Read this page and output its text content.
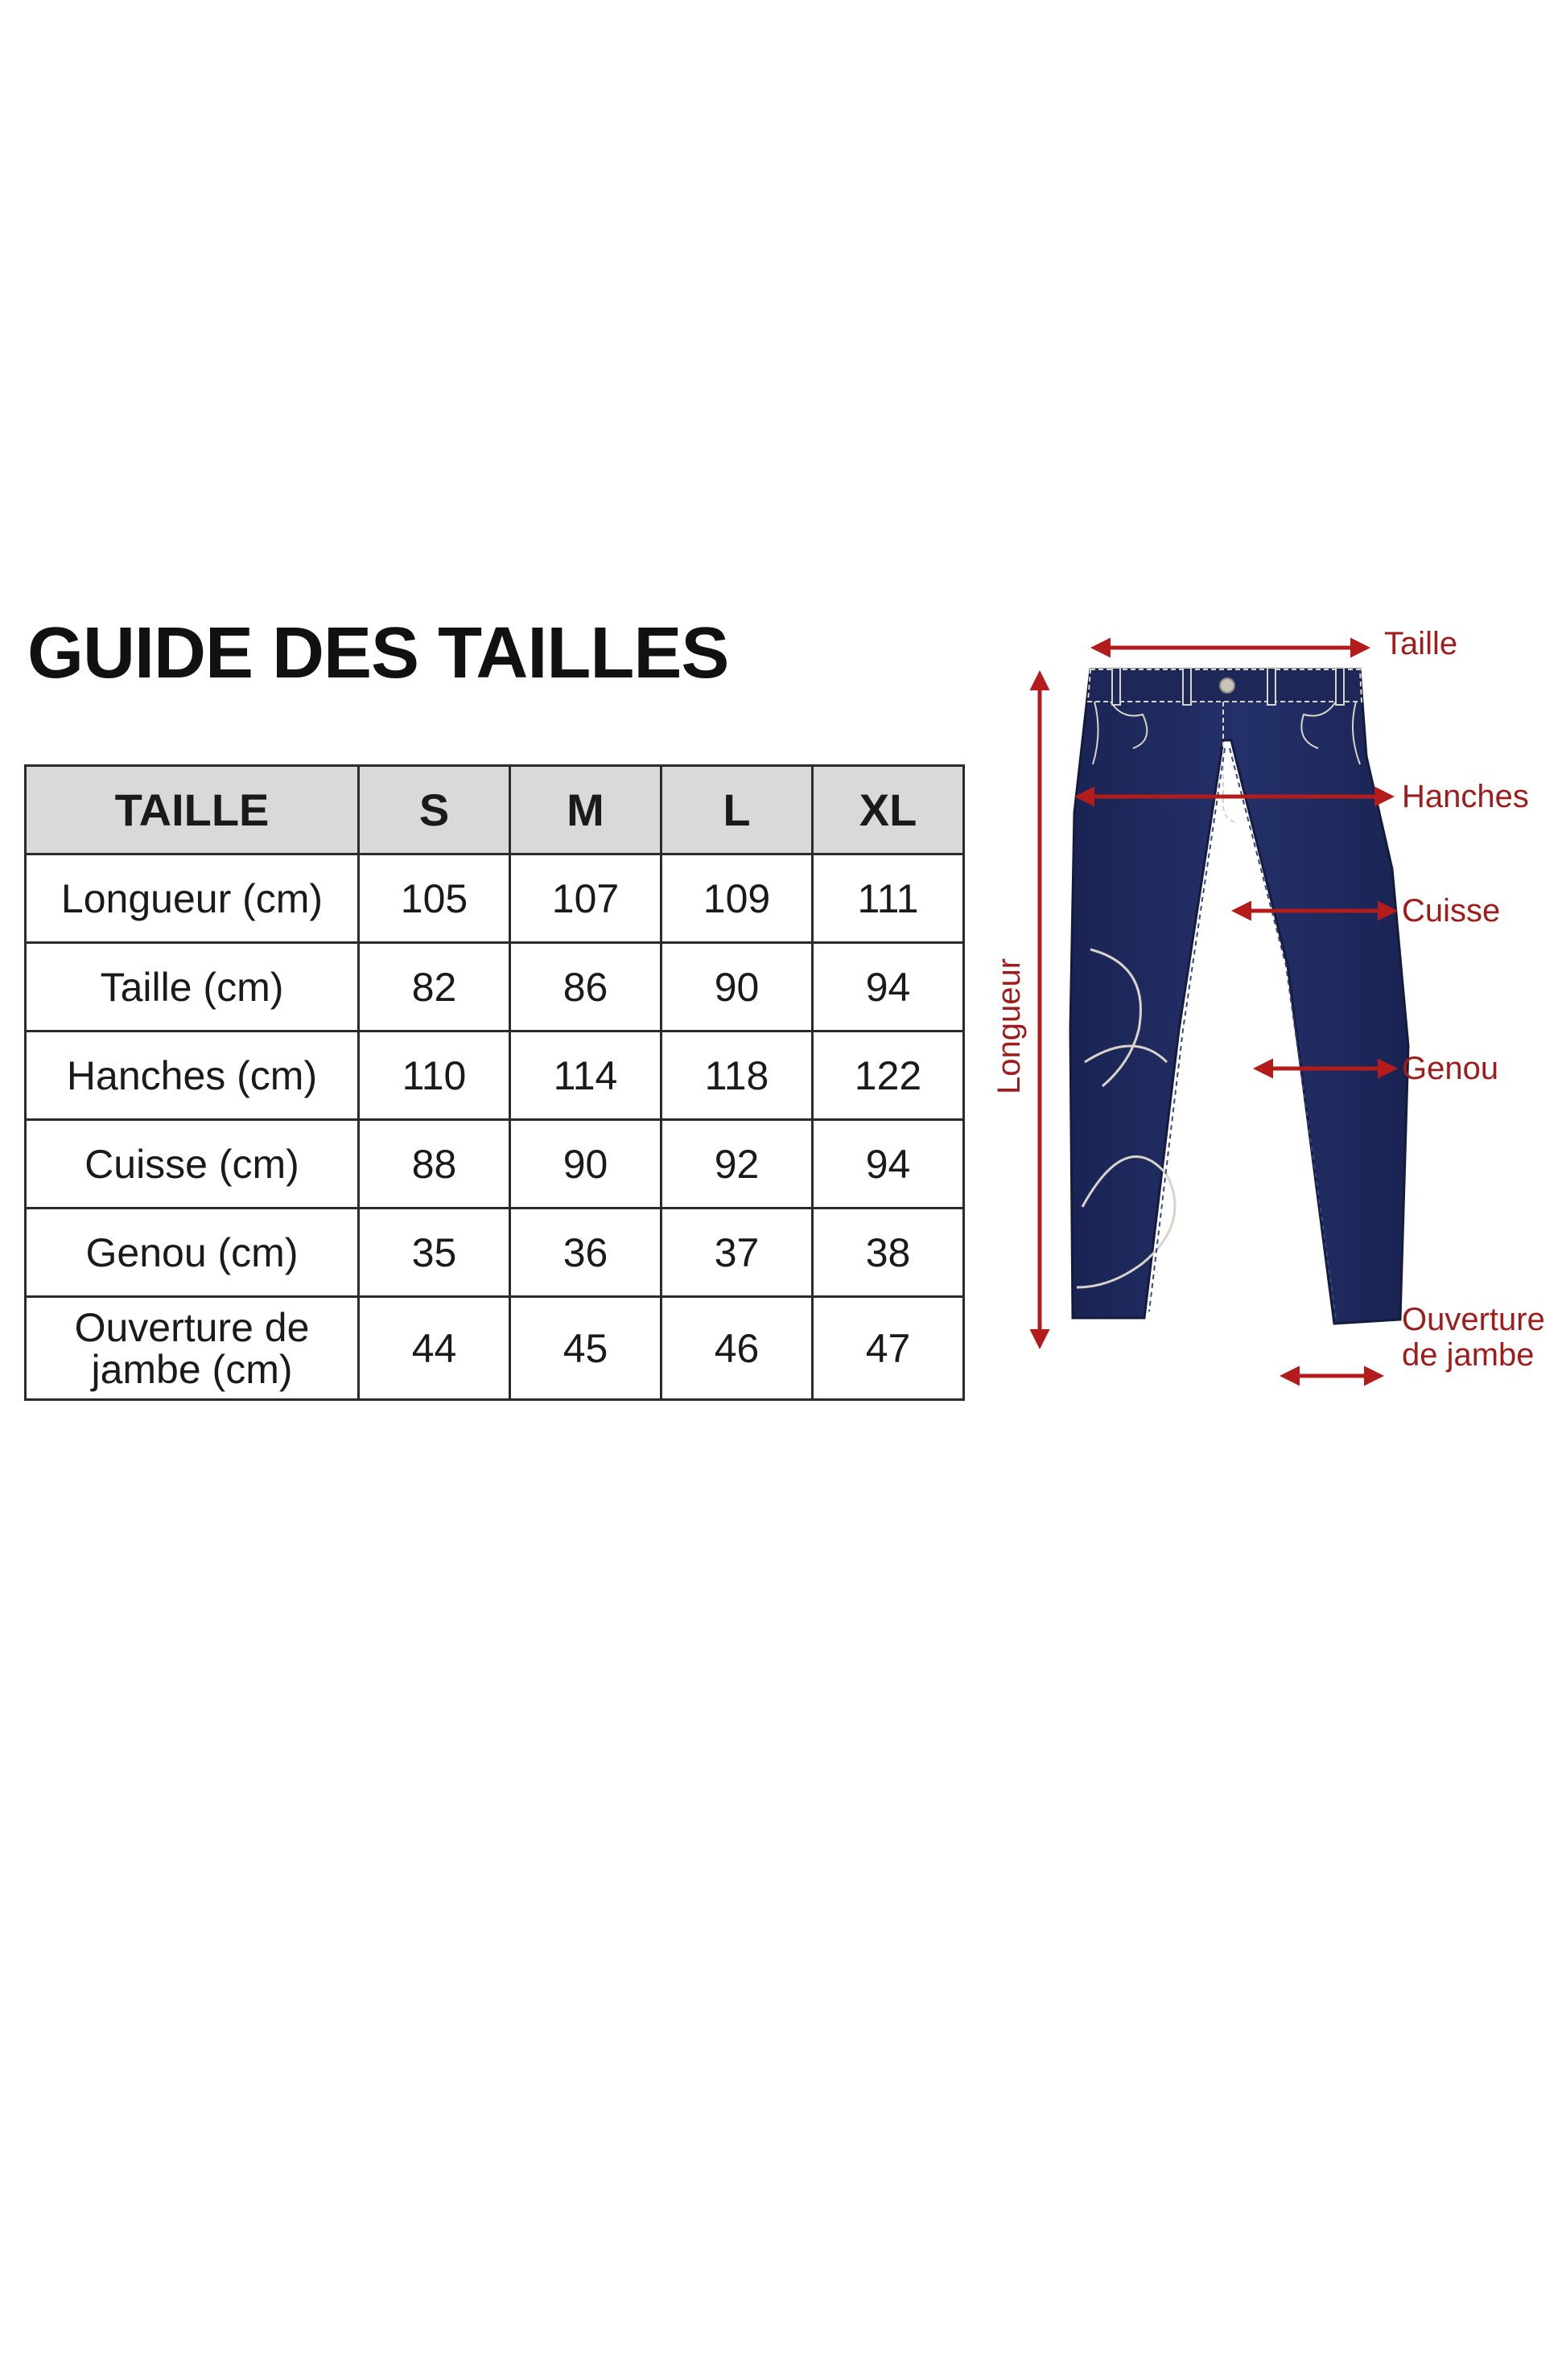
GUIDE DES TAILLES
TAILLE	S	M	L	XL
Longueur (cm)	105	107	109	111
Taille (cm)	82	86	90	94
Hanches (cm)	110	114	118	122
Cuisse (cm)	88	90	92	94
Genou (cm)	35	36	37	38

Ouverture de
jambe (cm)	44	45	46	47
Taille
Hanches
Cuisse
Genou
Longueur
Ouverture
de jambe
